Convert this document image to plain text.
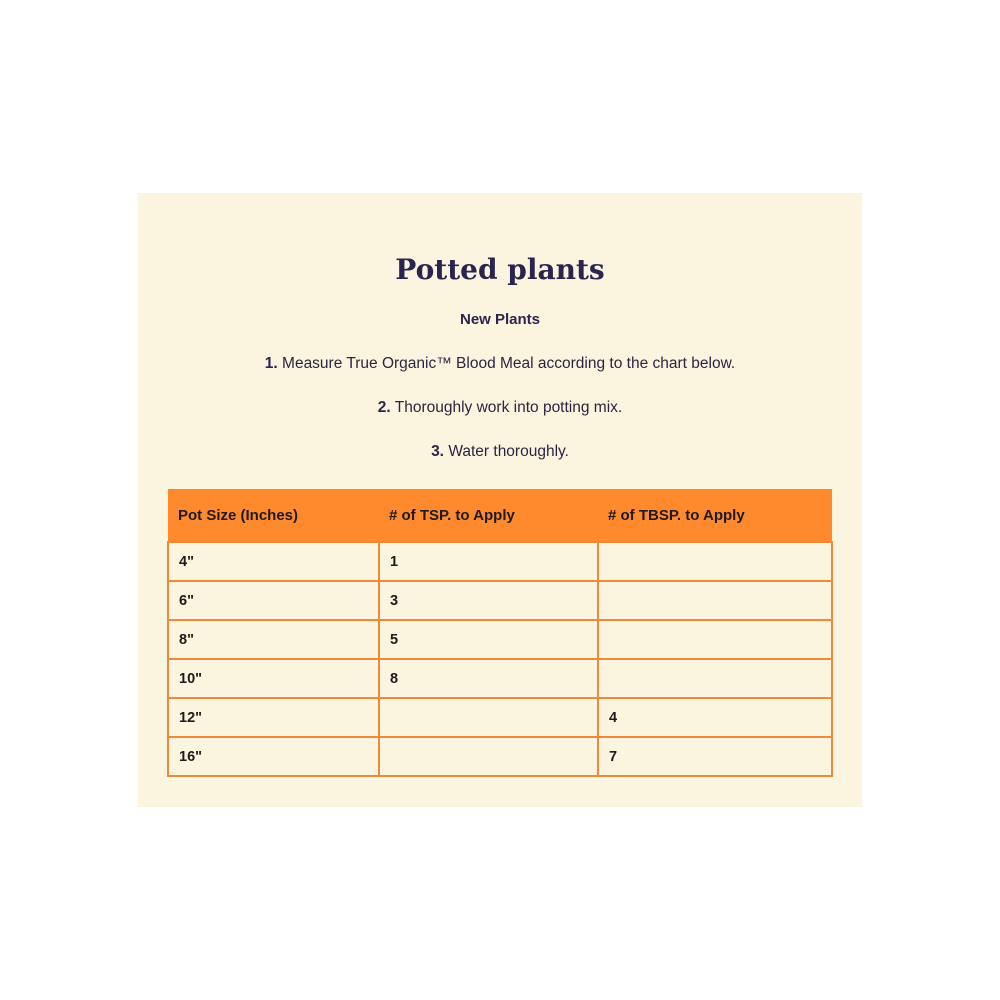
Potted plants
New Plants
1. Measure True Organic™ Blood Meal according to the chart below.
2. Thoroughly work into potting mix.
3. Water thoroughly.
Pot Size (Inches)	# of TSP. to Apply	# of TBSP. to Apply
4"	1	
6"	3	
8"	5	
10"	8	
12"		4
16"		7
